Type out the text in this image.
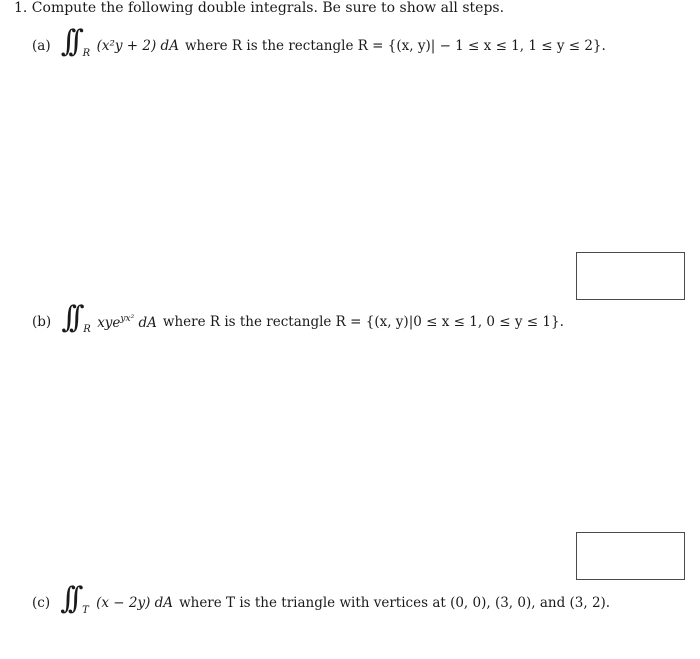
1. Compute the following double integrals. Be sure to show all steps.
(a) ∫∫ R (x²y + 2) dA where R is the rectangle R = {(x, y)| − 1 ≤ x ≤ 1, 1 ≤ y ≤ 2}.
(b) ∫∫ R xye$^{yx^2}$ dA where R is the rectangle R = {(x, y)|0 ≤ x ≤ 1, 0 ≤ y ≤ 1}.
(c) ∫∫ T (x − 2y) dA where T is the triangle with vertices at (0, 0), (3, 0), and (3, 2).
